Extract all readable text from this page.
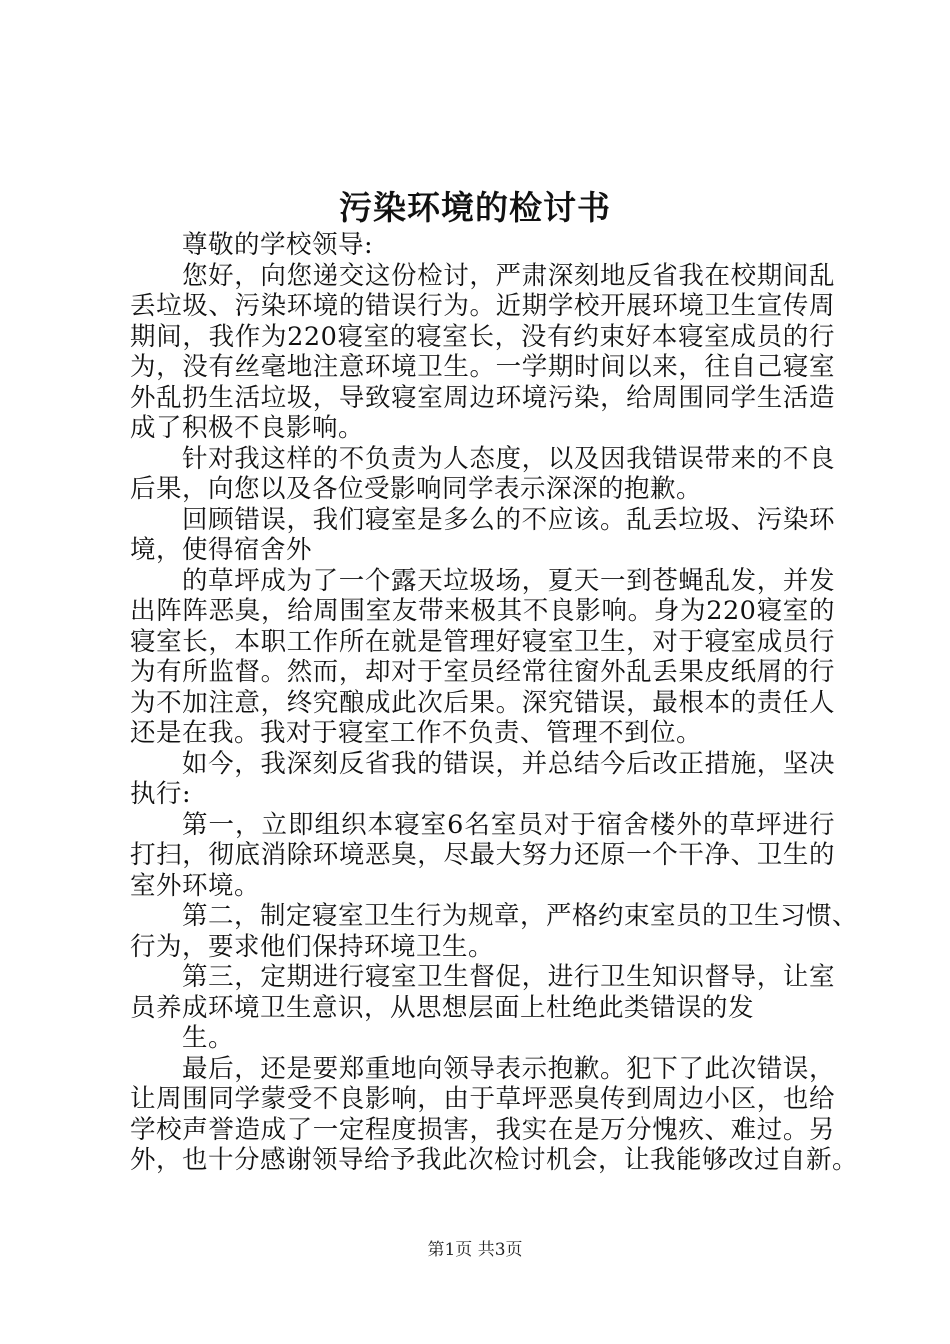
污染环境的检讨书
尊敬的学校领导:
您好，向您递交这份检讨，严肃深刻地反省我在校期间乱
丢垃圾、污染环境的错误行为。近期学校开展环境卫生宣传周
期间，我作为220寝室的寝室长，没有约束好本寝室成员的行
为，没有丝毫地注意环境卫生。一学期时间以来，往自己寝室
外乱扔生活垃圾，导致寝室周边环境污染，给周围同学生活造
成了积极不良影响。
针对我这样的不负责为人态度，以及因我错误带来的不良
后果，向您以及各位受影响同学表示深深的抱歉。
回顾错误，我们寝室是多么的不应该。乱丢垃圾、污染环
境，使得宿舍外
的草坪成为了一个露天垃圾场，夏天一到苍蝇乱发，并发
出阵阵恶臭，给周围室友带来极其不良影响。身为220寝室的
寝室长，本职工作所在就是管理好寝室卫生，对于寝室成员行
为有所监督。然而，却对于室员经常往窗外乱丢果皮纸屑的行
为不加注意，终究酿成此次后果。深究错误，最根本的责任人
还是在我。我对于寝室工作不负责、管理不到位。
如今，我深刻反省我的错误，并总结今后改正措施，坚决
执行:
第一，立即组织本寝室6名室员对于宿舍楼外的草坪进行
打扫，彻底消除环境恶臭，尽最大努力还原一个干净、卫生的
室外环境。
第二，制定寝室卫生行为规章，严格约束室员的卫生习惯、
行为，要求他们保持环境卫生。
第三，定期进行寝室卫生督促，进行卫生知识督导，让室
员养成环境卫生意识，从思想层面上杜绝此类错误的发
生。
最后，还是要郑重地向领导表示抱歉。犯下了此次错误，
让周围同学蒙受不良影响，由于草坪恶臭传到周边小区，也给
学校声誉造成了一定程度损害，我实在是万分愧疚、难过。另
外，也十分感谢领导给予我此次检讨机会，让我能够改过自新。
第1页 共3页
